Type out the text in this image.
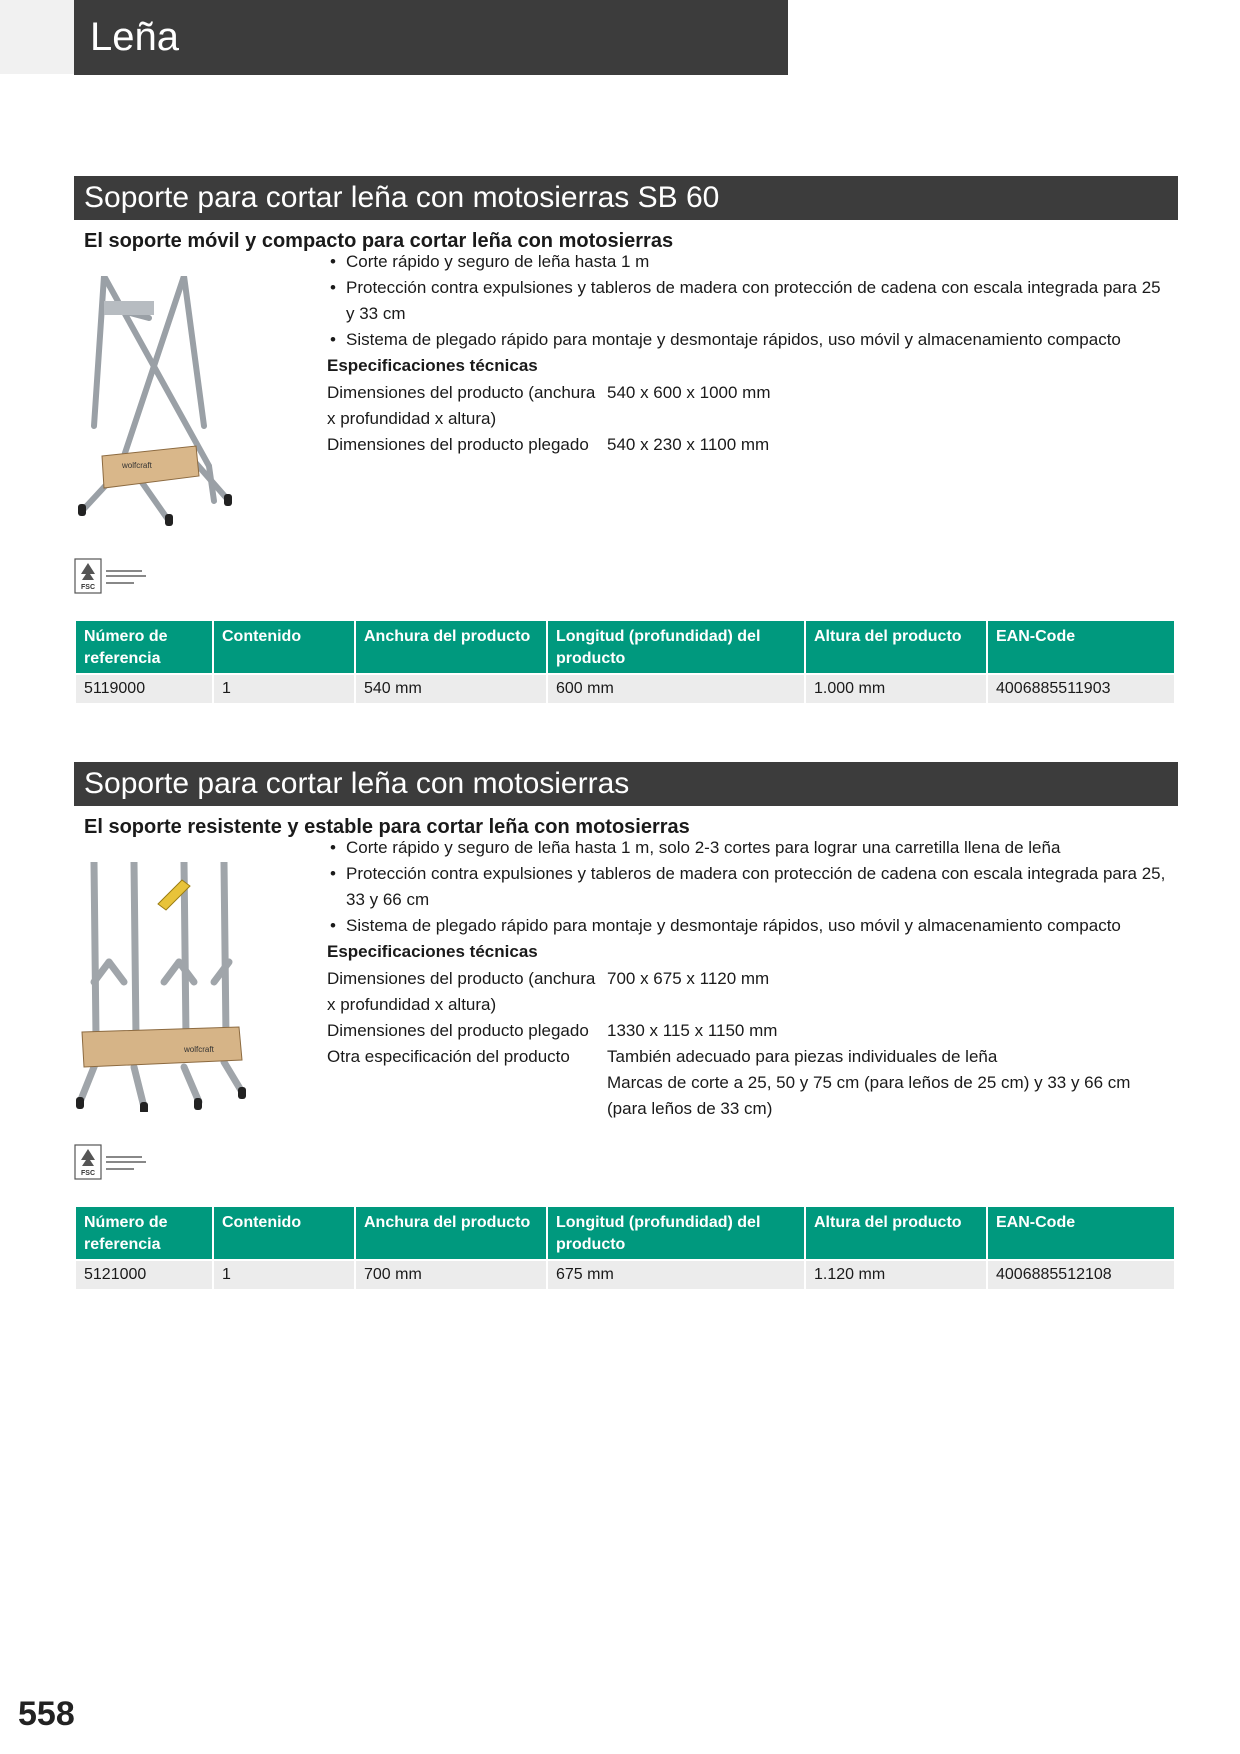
Leña
Soporte para cortar leña con motosierras SB 60
El soporte móvil y compacto para cortar leña con motosierras
wolfcraft
FSC
• Corte rápido y seguro de leña hasta 1 m
• Protección contra expulsiones y tableros de madera con protección de cadena con escala integrada para 25 y 33 cm
• Sistema de plegado rápido para montaje y desmontaje rápidos, uso móvil y almacenamiento compacto
Especificaciones técnicas
Dimensiones del producto (anchura x profundidad x altura)	540 x 600 x 1000 mm
Dimensiones del producto plegado	540 x 230 x 1100 mm
Número de referencia	Contenido	Anchura del producto	Longitud (profundidad) del producto	Altura del producto	EAN-Code
5119000	1	540 mm	600 mm	1.000 mm	4006885511903
Soporte para cortar leña con motosierras
El soporte resistente y estable para cortar leña con motosierras
wolfcraft
FSC
• Corte rápido y seguro de leña hasta 1 m, solo 2-3 cortes para lograr una carretilla llena de leña
• Protección contra expulsiones y tableros de madera con protección de cadena con escala integrada para 25, 33 y 66 cm
• Sistema de plegado rápido para montaje y desmontaje rápidos, uso móvil y almacenamiento compacto
Especificaciones técnicas
Dimensiones del producto (anchura x profundidad x altura)	700 x 675 x 1120 mm
Dimensiones del producto plegado	1330 x 115 x 1150 mm
Otra especificación del producto	También adecuado para piezas individuales de leña
	Marcas de corte a 25, 50 y 75 cm (para leños de 25 cm) y 33 y 66 cm (para leños de 33 cm)
Número de referencia	Contenido	Anchura del producto	Longitud (profundidad) del producto	Altura del producto	EAN-Code
5121000	1	700 mm	675 mm	1.120 mm	4006885512108
558
